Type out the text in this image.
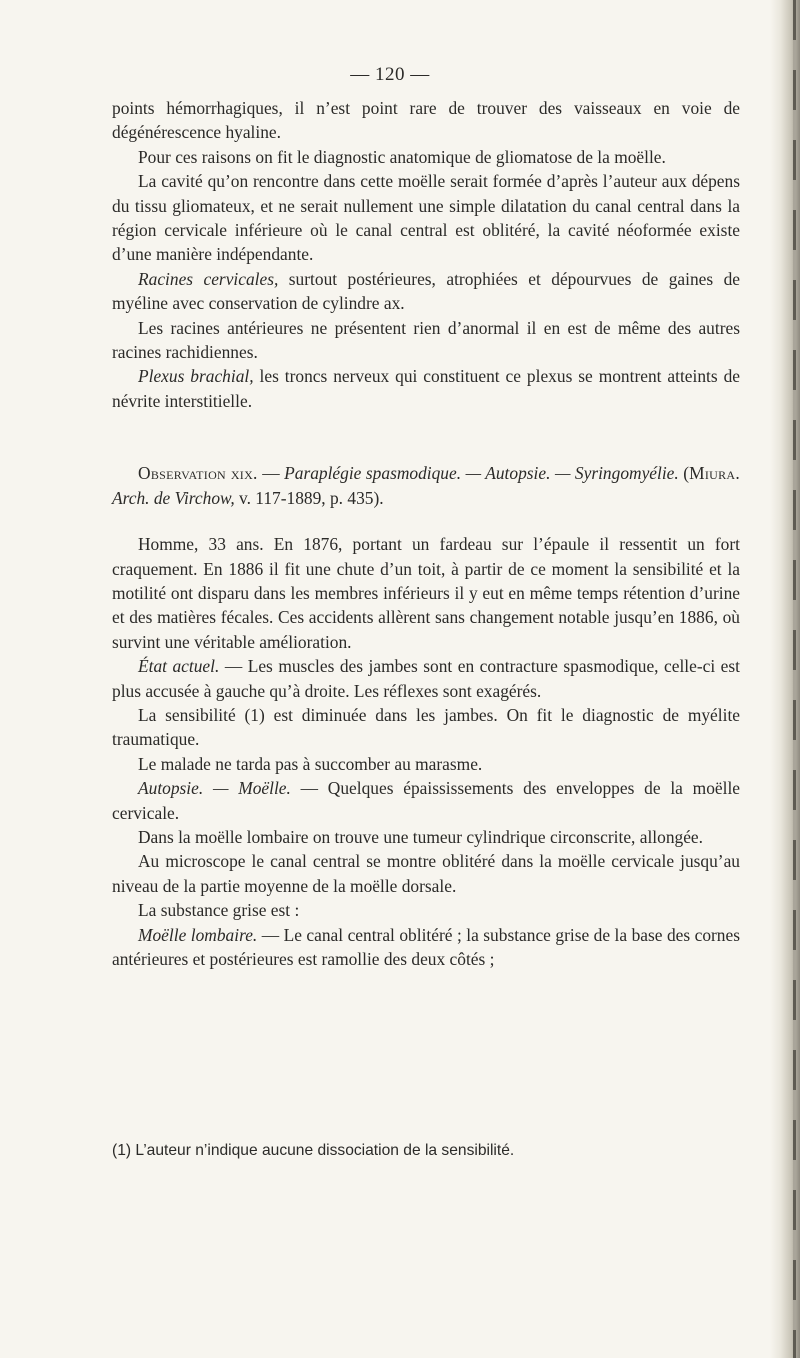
— 120 —

points hémorrhagiques, il n’est point rare de trouver des vaisseaux en voie de dégénérescence hyaline.

Pour ces raisons on fit le diagnostic anatomique de gliomatose de la moëlle.

La cavité qu’on rencontre dans cette moëlle serait formée d’après l’auteur aux dépens du tissu gliomateux, et ne serait nullement une simple dilatation du canal central dans la région cervicale inférieure où le canal central est oblitéré, la cavité néoformée existe d’une manière indépendante.

Racines cervicales, surtout postérieures, atrophiées et dépourvues de gaines de myéline avec conservation de cylindre ax.

Les racines antérieures ne présentent rien d’anormal il en est de même des autres racines rachidiennes.

Plexus brachial, les troncs nerveux qui constituent ce plexus se montrent atteints de névrite interstitielle.

Observation xix. — Paraplégie spasmodique. — Autopsie. — Syringomyélie. (Miura. Arch. de Virchow, v. 117-1889, p. 435).

Homme, 33 ans. En 1876, portant un fardeau sur l’épaule il ressentit un fort craquement. En 1886 il fit une chute d’un toit, à partir de ce moment la sensibilité et la motilité ont disparu dans les membres inférieurs il y eut en même temps rétention d’urine et des matières fécales. Ces accidents allèrent sans changement notable jusqu’en 1886, où survint une véritable amélioration.

État actuel. — Les muscles des jambes sont en contracture spasmodique, celle-ci est plus accusée à gauche qu’à droite. Les réflexes sont exagérés.

La sensibilité (1) est diminuée dans les jambes. On fit le diagnostic de myélite traumatique.

Le malade ne tarda pas à succomber au marasme.

Autopsie. — Moëlle. — Quelques épaississements des enveloppes de la moëlle cervicale.

Dans la moëlle lombaire on trouve une tumeur cylindrique circonscrite, allongée.

Au microscope le canal central se montre oblitéré dans la moëlle cervicale jusqu’au niveau de la partie moyenne de la moëlle dorsale.

La substance grise est :

Moëlle lombaire. — Le canal central oblitéré ; la substance grise de la base des cornes antérieures et postérieures est ramollie des deux côtés ;

(1) L’auteur n’indique aucune dissociation de la sensibilité.
